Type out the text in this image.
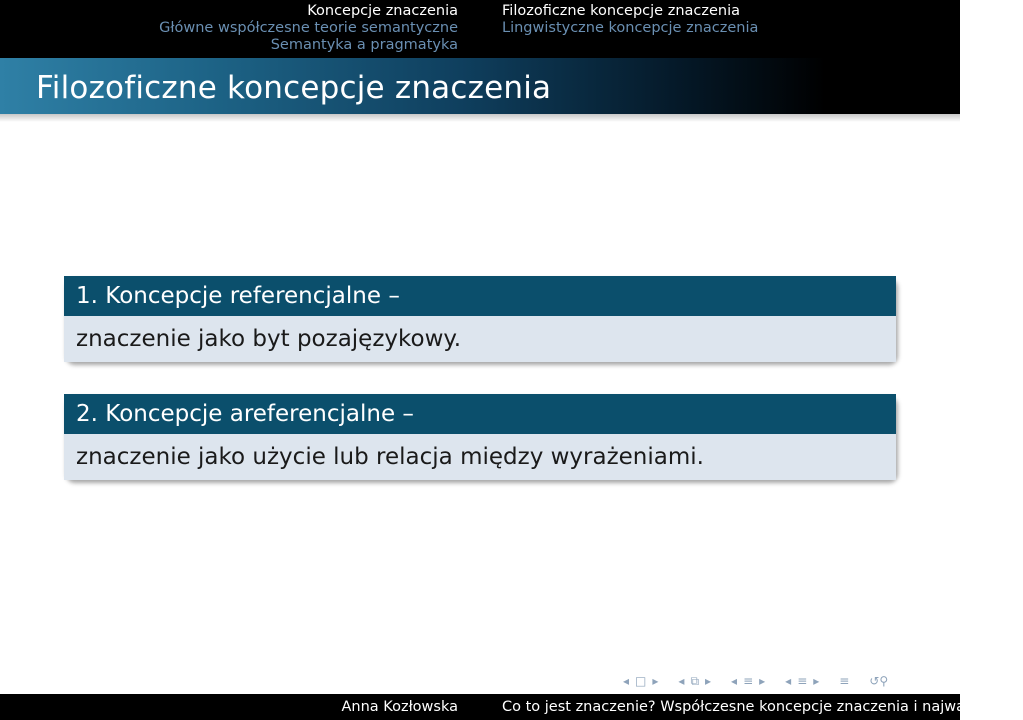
Koncepcje znaczenia
Główne współczesne teorie semantyczne
Semantyka a pragmatyka
Filozoficzne koncepcje znaczenia
Lingwistyczne koncepcje znaczenia
Filozoficzne koncepcje znaczenia
1. Koncepcje referencjalne –
znaczenie jako byt pozajęzykowy.
2. Koncepcje areferencjalne –
znaczenie jako użycie lub relacja między wyrażeniami.
◂ □ ▸ ◂ ⧉ ▸ ◂ ≡ ▸ ◂ ≡ ▸ ≡ ↺⚲
Anna Kozłowska	Co to jest znaczenie? Współczesne koncepcje znaczenia i najważniejsze
